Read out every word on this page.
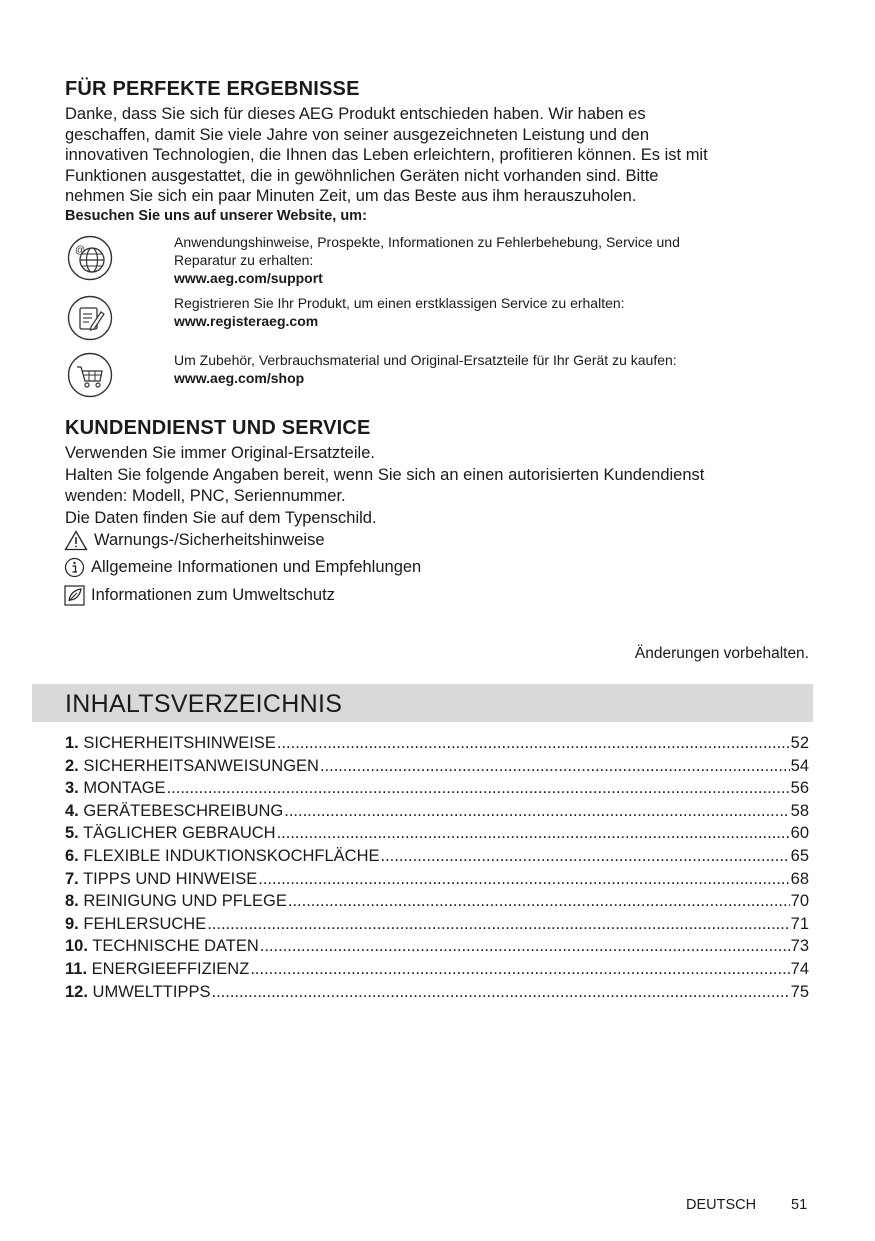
FÜR PERFEKTE ERGEBNISSE
Danke, dass Sie sich für dieses AEG Produkt entschieden haben. Wir haben es
geschaffen, damit Sie viele Jahre von seiner ausgezeichneten Leistung und den
innovativen Technologien, die Ihnen das Leben erleichtern, profitieren können. Es ist mit
Funktionen ausgestattet, die in gewöhnlichen Geräten nicht vorhanden sind. Bitte
nehmen Sie sich ein paar Minuten Zeit, um das Beste aus ihm herauszuholen.
Besuchen Sie uns auf unserer Website, um:
@
Anwendungshinweise, Prospekte, Informationen zu Fehlerbehebung, Service und
Reparatur zu erhalten:
www.aeg.com/support
Registrieren Sie Ihr Produkt, um einen erstklassigen Service zu erhalten:
www.registeraeg.com
Um Zubehör, Verbrauchsmaterial und Original-Ersatzteile für Ihr Gerät zu kaufen:
www.aeg.com/shop
KUNDENDIENST UND SERVICE
Verwenden Sie immer Original-Ersatzteile.
Halten Sie folgende Angaben bereit, wenn Sie sich an einen autorisierten Kundendienst
wenden: Modell, PNC, Seriennummer.
Die Daten finden Sie auf dem Typenschild.
Warnungs-/Sicherheitshinweise
Allgemeine Informationen und Empfehlungen
Informationen zum Umweltschutz
Änderungen vorbehalten.
INHALTSVERZEICHNIS
1. SICHERHEITSHINWEISE .....	52
2. SICHERHEITSANWEISUNGEN .....	54
3. MONTAGE .....	56
4. GERÄTEBESCHREIBUNG .....	58
5. TÄGLICHER GEBRAUCH .....	60
6. FLEXIBLE INDUKTIONSKOCHFLÄCHE .....	65
7. TIPPS UND HINWEISE .....	68
8. REINIGUNG UND PFLEGE .....	70
9. FEHLERSUCHE .....	71
10. TECHNISCHE DATEN .....	73
11. ENERGIEEFFIZIENZ .....	74
12. UMWELTTIPPS .....	75
DEUTSCH 51
